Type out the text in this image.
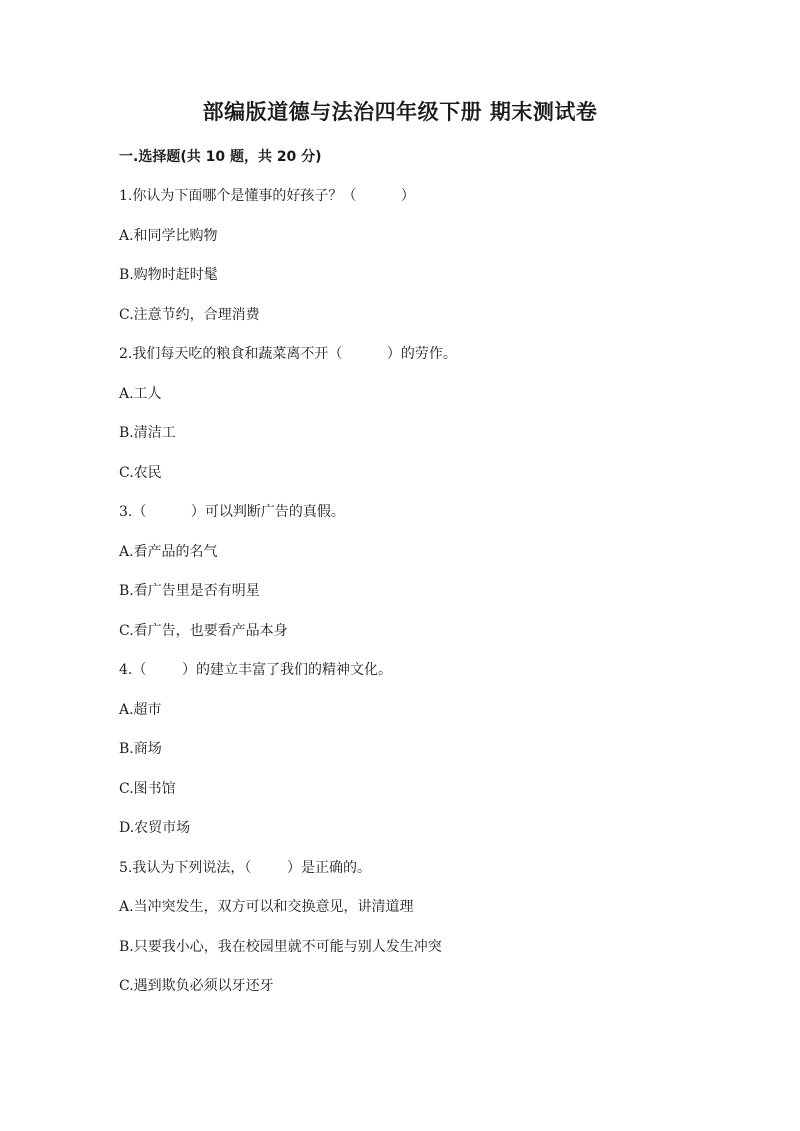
部编版道德与法治四年级下册 期末测试卷
一.选择题(共 10 题，共 20 分)
1.你认为下面哪个是懂事的好孩子？（          ）
A.和同学比购物
B.购物时赶时髦
C.注意节约，合理消费
2.我们每天吃的粮食和蔬菜离不开（          ）的劳作。
A.工人
B.清洁工
C.农民
3.（          ）可以判断广告的真假。
A.看产品的名气
B.看广告里是否有明星
C.看广告，也要看产品本身
4.（        ）的建立丰富了我们的精神文化。
A.超市
B.商场
C.图书馆
D.农贸市场
5.我认为下列说法，（        ）是正确的。
A.当冲突发生，双方可以和交换意见，讲清道理
B.只要我小心，我在校园里就不可能与别人发生冲突
C.遇到欺负必须以牙还牙
